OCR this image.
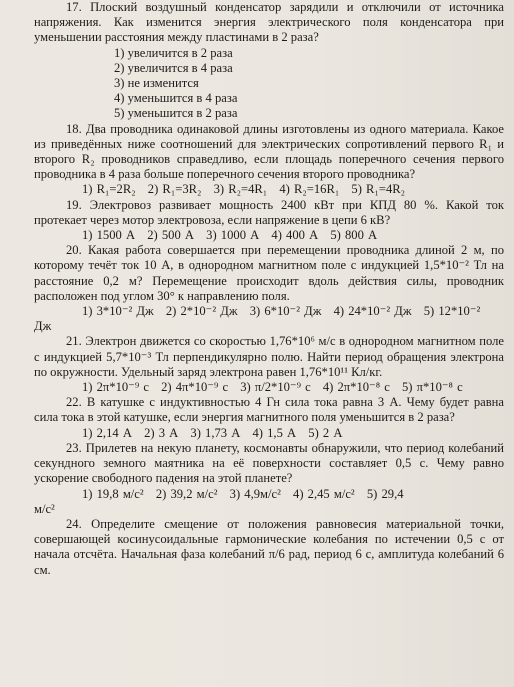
17. Плоский воздушный конденсатор зарядили и отключили от источника напряжения. Как изменится энергия электрического поля конденсатора при уменьшении расстояния между пластинами в 2 раза?

1) увеличится в 2 раза
2) увеличится в 4 раза
3) не изменится
4) уменьшится в 4 раза
5) уменьшится в 2 раза

18. Два проводника одинаковой длины изготовлены из одного материала. Какое из приведённых ниже соотношений для электрических сопротивлений первого R₁ и второго R₂ проводников справедливо, если площадь поперечного сечения первого проводника в 4 раза больше поперечного сечения второго проводника?

1) R₁=2R₂ 2) R₁=3R₂ 3) R₂=4R₁ 4) R₂=16R₁ 5) R₁=4R₂

19. Электровоз развивает мощность 2400 кВт при КПД 80 %. Какой ток протекает через мотор электровоза, если напряжение в цепи 6 кВ?

1) 1500 А 2) 500 А 3) 1000 А 4) 400 А 5) 800 А

20. Какая работа совершается при перемещении проводника длиной 2 м, по которому течёт ток 10 А, в однородном магнитном поле с индукцией 1,5*10⁻² Тл на расстояние 0,2 м? Перемещение происходит вдоль действия силы, проводник расположен под углом 30° к направлению поля.

1) 3*10⁻² Дж 2) 2*10⁻² Дж 3) 6*10⁻² Дж 4) 24*10⁻² Дж 5) 12*10⁻²
Дж

21. Электрон движется со скоростью 1,76*10⁶ м/с в однородном магнитном поле с индукцией 5,7*10⁻³ Тл перпендикулярно полю. Найти период обращения электрона по окружности. Удельный заряд электрона равен 1,76*10¹¹ Кл/кг.

1) 2π*10⁻⁹ с 2) 4π*10⁻⁹ с 3) π/2*10⁻⁹ с 4) 2π*10⁻⁸ с 5) π*10⁻⁸ с

22. В катушке с индуктивностью 4 Гн сила тока равна 3 А. Чему будет равна сила тока в этой катушке, если энергия магнитного поля уменьшится в 2 раза?

1) 2,14 А 2) 3 А 3) 1,73 А 4) 1,5 А 5) 2 А

23. Прилетев на некую планету, космонавты обнаружили, что период колебаний секундного земного маятника на её поверхности составляет 0,5 с. Чему равно ускорение свободного падения на этой планете?

1) 19,8 м/с² 2) 39,2 м/с² 3) 4,9м/с² 4) 2,45 м/с² 5) 29,4
м/с²

24. Определите смещение от положения равновесия материальной точки, совершающей косинусоидальные гармонические колебания по истечении 0,5 с от начала отсчёта. Начальная фаза колебаний π/6 рад, период 6 с, амплитуда колебаний 6 см.
